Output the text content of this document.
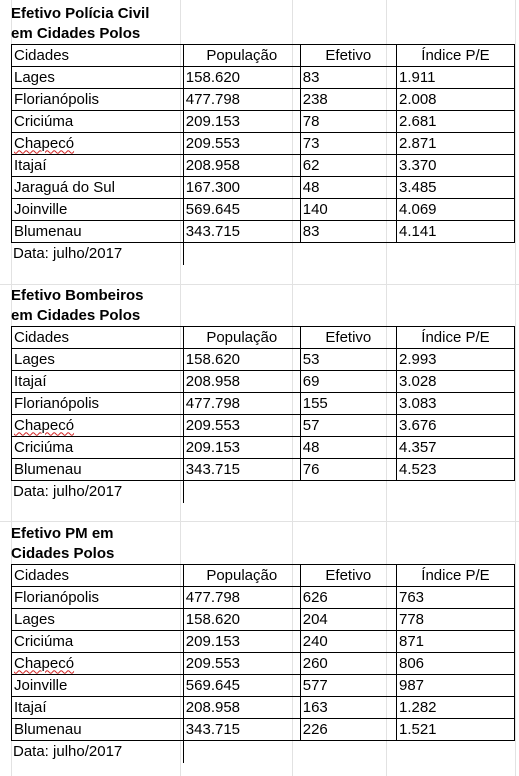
Efetivo Polícia Civil
em Cidades Polos
Cidades	População	Efetivo	Índice P/E
Lages	158.620	83	1.911
Florianópolis	477.798	238	2.008
Criciúma	209.153	78	2.681
Chapecó	209.553	73	2.871
Itajaí	208.958	62	3.370
Jaraguá do Sul	167.300	48	3.485
Joinville	569.645	140	4.069
Blumenau	343.715	83	4.141
Data: julho/2017
Efetivo Bombeiros
em Cidades Polos
Cidades	População	Efetivo	Índice P/E
Lages	158.620	53	2.993
Itajaí	208.958	69	3.028
Florianópolis	477.798	155	3.083
Chapecó	209.553	57	3.676
Criciúma	209.153	48	4.357
Blumenau	343.715	76	4.523
Data: julho/2017
Efetivo PM em
Cidades Polos
Cidades	População	Efetivo	Índice P/E
Florianópolis	477.798	626	763
Lages	158.620	204	778
Criciúma	209.153	240	871
Chapecó	209.553	260	806
Joinville	569.645	577	987
Itajaí	208.958	163	1.282
Blumenau	343.715	226	1.521
Data: julho/2017
